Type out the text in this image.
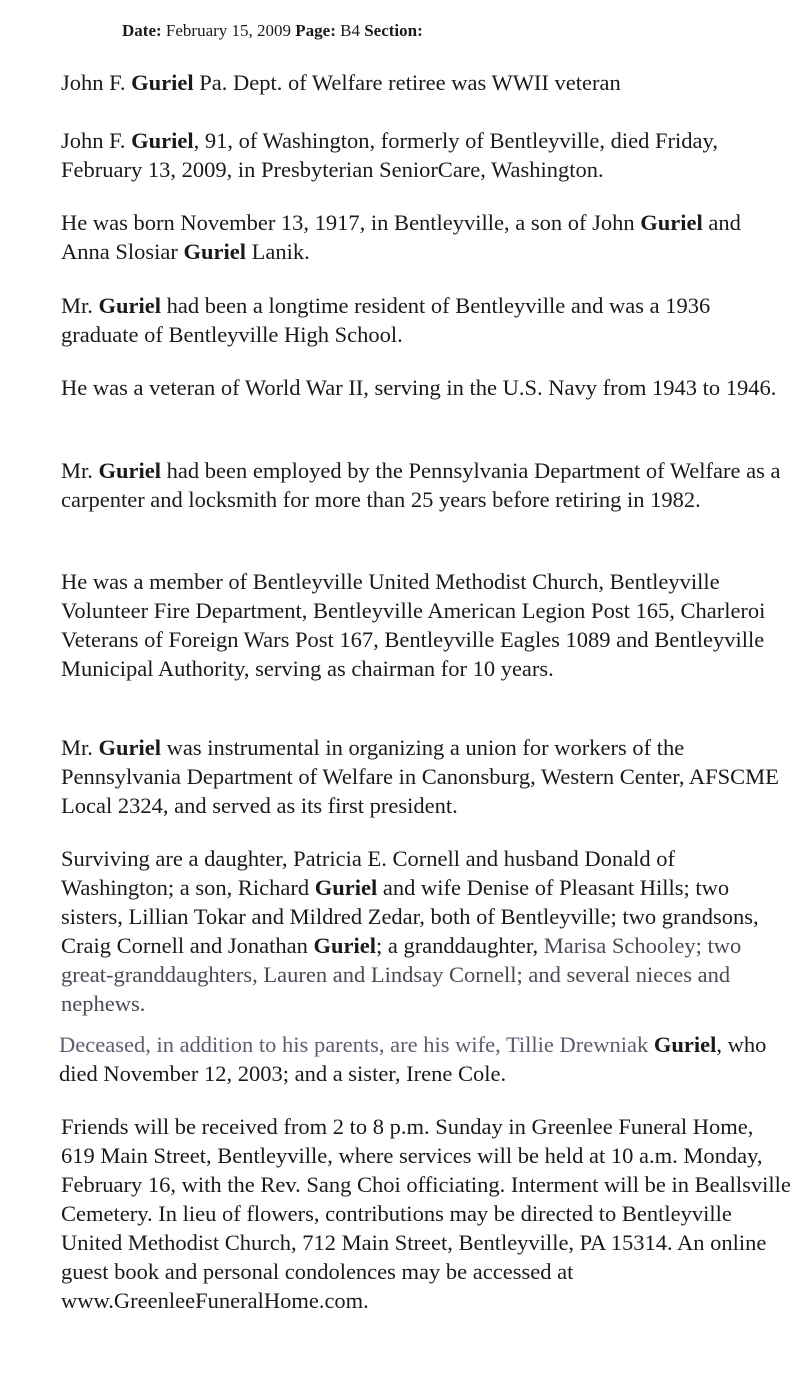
Date: February 15, 2009 Page: B4 Section:

John F. Guriel Pa. Dept. of Welfare retiree was WWII veteran

John F. Guriel, 91, of Washington, formerly of Bentleyville, died Friday, February 13, 2009, in Presbyterian SeniorCare, Washington.

He was born November 13, 1917, in Bentleyville, a son of John Guriel and Anna Slosiar Guriel Lanik.

Mr. Guriel had been a longtime resident of Bentleyville and was a 1936 graduate of Bentleyville High School.

He was a veteran of World War II, serving in the U.S. Navy from 1943 to 1946.

Mr. Guriel had been employed by the Pennsylvania Department of Welfare as a carpenter and locksmith for more than 25 years before retiring in 1982.

He was a member of Bentleyville United Methodist Church, Bentleyville Volunteer Fire Department, Bentleyville American Legion Post 165, Charleroi Veterans of Foreign Wars Post 167, Bentleyville Eagles 1089 and Bentleyville Municipal Authority, serving as chairman for 10 years.

Mr. Guriel was instrumental in organizing a union for workers of the Pennsylvania Department of Welfare in Canonsburg, Western Center, AFSCME Local 2324, and served as its first president.

Surviving are a daughter, Patricia E. Cornell and husband Donald of Washington; a son, Richard Guriel and wife Denise of Pleasant Hills; two sisters, Lillian Tokar and Mildred Zedar, both of Bentleyville; two grandsons, Craig Cornell and Jonathan Guriel; a granddaughter, Marisa Schooley; two great-granddaughters, Lauren and Lindsay Cornell; and several nieces and nephews.

Deceased, in addition to his parents, are his wife, Tillie Drewniak Guriel, who died November 12, 2003; and a sister, Irene Cole.

Friends will be received from 2 to 8 p.m. Sunday in Greenlee Funeral Home, 619 Main Street, Bentleyville, where services will be held at 10 a.m. Monday, February 16, with the Rev. Sang Choi officiating. Interment will be in Beallsville Cemetery. In lieu of flowers, contributions may be directed to Bentleyville United Methodist Church, 712 Main Street, Bentleyville, PA 15314. An online guest book and personal condolences may be accessed at www.GreenleeFuneralHome.com.
